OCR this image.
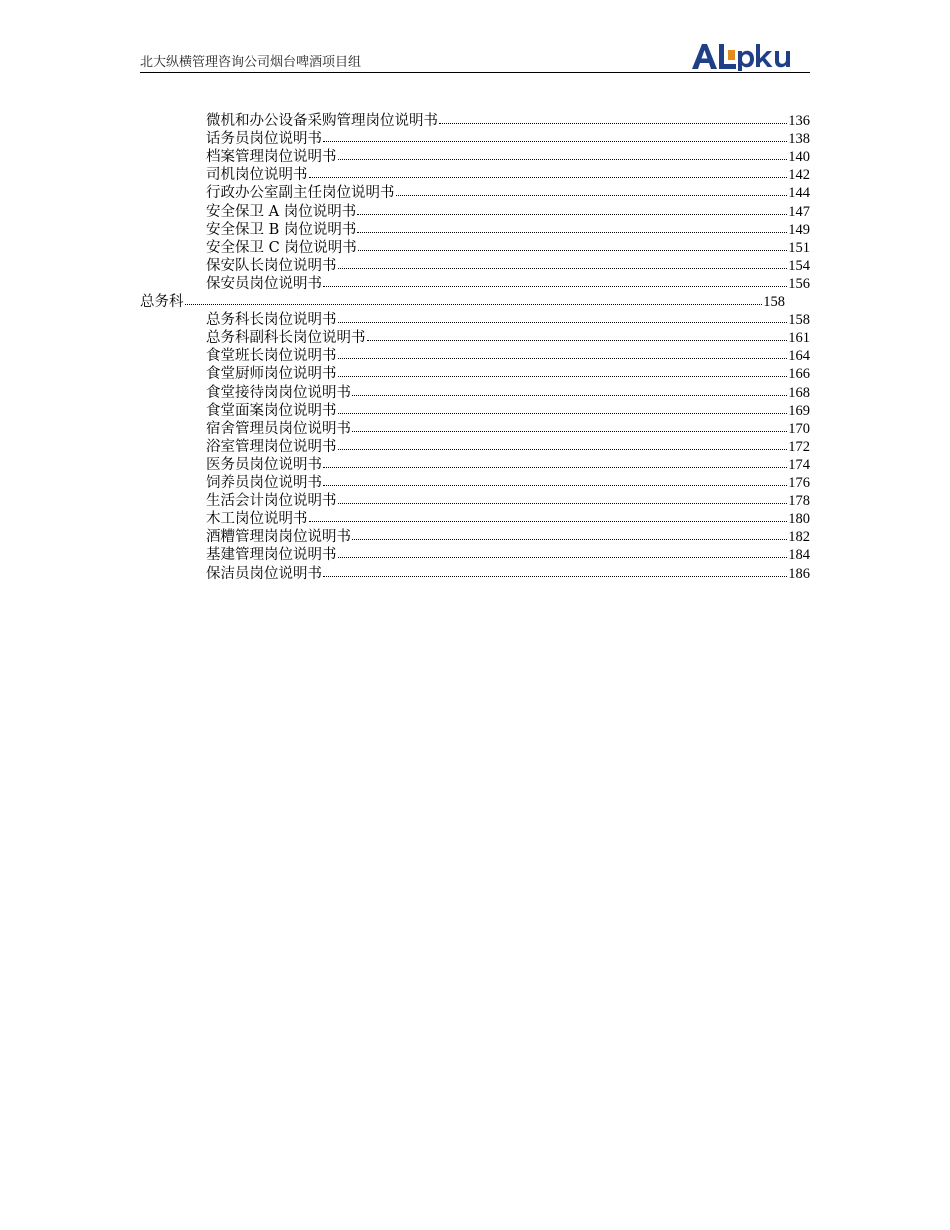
北大纵横管理咨询公司烟台啤酒项目组
ALLPKU
微机和办公设备采购管理岗位说明书	136
话务员岗位说明书	138
档案管理岗位说明书	140
司机岗位说明书	142
行政办公室副主任岗位说明书	144
安全保卫 A 岗位说明书	147
安全保卫 B 岗位说明书	149
安全保卫 C 岗位说明书	151
保安队长岗位说明书	154
保安员岗位说明书	156
总务科	158
总务科长岗位说明书	158
总务科副科长岗位说明书	161
食堂班长岗位说明书	164
食堂厨师岗位说明书	166
食堂接待岗岗位说明书	168
食堂面案岗位说明书	169
宿舍管理员岗位说明书	170
浴室管理岗位说明书	172
医务员岗位说明书	174
饲养员岗位说明书	176
生活会计岗位说明书	178
木工岗位说明书	180
酒糟管理岗岗位说明书	182
基建管理岗位说明书	184
保洁员岗位说明书	186
